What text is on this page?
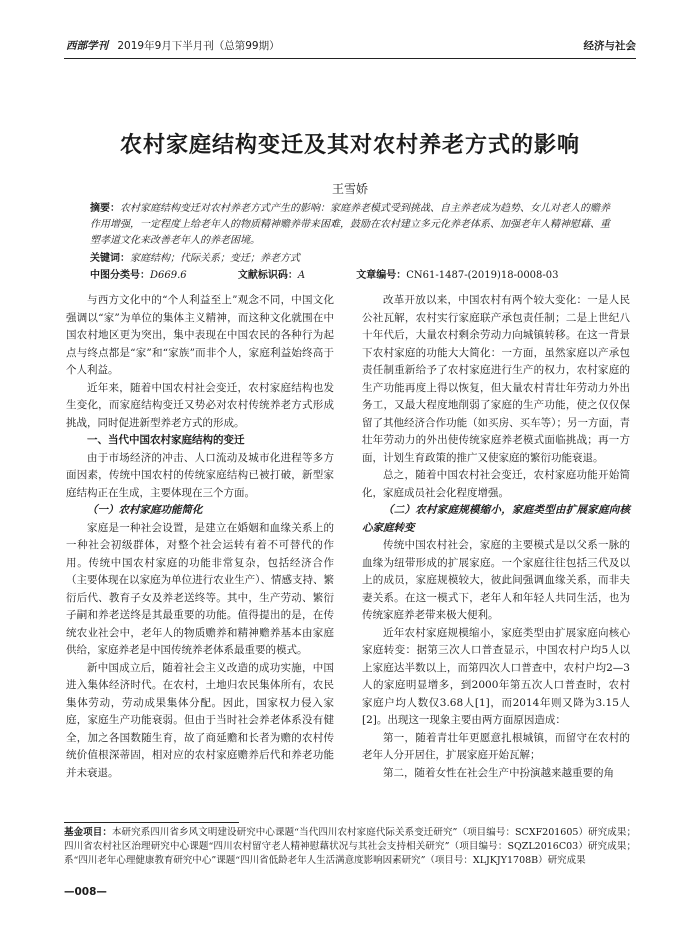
西部学刊 2019年9月下半月刊（总第99期）	经济与社会
农村家庭结构变迁及其对农村养老方式的影响
王雪娇
摘要：农村家庭结构变迁对农村养老方式产生的影响：家庭养老模式受到挑战、自主养老成为趋势、女儿对老人的赡养作用增强，一定程度上给老年人的物质精神赡养带来困难，鼓励在农村建立多元化养老体系、加强老年人精神慰藉、重塑孝道文化来改善老年人的养老困境。
关键词：家庭结构；代际关系；变迁；养老方式
中图分类号：D669.6	文献标识码：A	文章编号：CN61-1487-(2019)18-0008-03

与西方文化中的“个人利益至上”观念不同，中国文化强调以“家”为单位的集体主义精神，而这种文化就围在中国农村地区更为突出，集中表现在中国农民的各种行为起点与终点都是“家”和“家族”而非个人，家庭利益始终高于个人利益。

近年来，随着中国农村社会变迁，农村家庭结构也发生变化，而家庭结构变迁又势必对农村传统养老方式形成挑战，同时促进新型养老方式的形成。

一、当代中国农村家庭结构的变迁

由于市场经济的冲击、人口流动及城市化进程等多方面因素，传统中国农村的传统家庭结构已被打破，新型家庭结构正在生成，主要体现在三个方面。

（一）农村家庭功能简化

家庭是一种社会设置，是建立在婚姻和血缘关系上的一种社会初级群体，对整个社会运转有着不可替代的作用。传统中国农村家庭的功能非常复杂，包括经济合作（主要体现在以家庭为单位进行农业生产）、情感支持、繁衍后代、教育子女及养老送终等。其中，生产劳动、繁衍子嗣和养老送终是其最重要的功能。值得提出的是，在传统农业社会中，老年人的物质赡养和精神赡养基本由家庭供给，家庭养老是中国传统养老体系最重要的模式。

新中国成立后，随着社会主义改造的成功实施，中国进入集体经济时代。在农村，土地归农民集体所有，农民集体劳动，劳动成果集体分配。因此，国家权力侵入家庭，家庭生产功能衰弱。但由于当时社会养老体系没有健全，加之各国数随生育，故了商延赡和长者为赡的农村传统价值根深蒂固，相对应的农村家庭赡养后代和养老功能并未衰退。

改革开放以来，中国农村有两个较大变化：一是人民公社瓦解，农村实行家庭联产承包责任制；二是上世纪八十年代后，大量农村剩余劳动力向城镇转移。在这一背景下农村家庭的功能大大简化：一方面，虽然家庭以产承包责任制重新给予了农村家庭进行生产的权力，农村家庭的生产功能再度上得以恢复，但大量农村青壮年劳动力外出务工，又最大程度地削弱了家庭的生产功能，使之仅仅保留了其他经济合作功能（如买房、买车等）；另一方面，青壮年劳动力的外出使传统家庭养老模式面临挑战；再一方面，计划生育政策的推广又使家庭的繁衍功能衰退。

总之，随着中国农村社会变迁，农村家庭功能开始简化，家庭成员社会化程度增强。

（二）农村家庭规模缩小，家庭类型由扩展家庭向核心家庭转变

传统中国农村社会，家庭的主要模式是以父系一脉的血缘为纽带形成的扩展家庭。一个家庭往往包括三代及以上的成员，家庭规模较大，彼此间强调血缘关系，而非夫妻关系。在这一模式下，老年人和年轻人共同生活，也为传统家庭养老带来极大便利。

近年农村家庭规模缩小，家庭类型由扩展家庭向核心家庭转变：据第三次人口普查显示，中国农村户均5人以上家庭达半数以上，而第四次人口普查中，农村户均2—3人的家庭明显增多，到2000年第五次人口普查时，农村家庭户均人数仅3.68人[1]，而2014年则又降为3.15人[2]。出现这一现象主要由两方面原因造成：

第一，随着青壮年更愿意扎根城镇，而留守在农村的老年人分开居住，扩展家庭开始瓦解；

第二，随着女性在社会生产中扮演越来越重要的角

基金项目：本研究系四川省乡风文明建设研究中心课题“当代四川农村家庭代际关系变迁研究”（项目编号：SCXF201605）研究成果；四川省农村社区治理研究中心课题“四川农村留守老人精神慰藉状况与其社会支持相关研究”（项目编号：SQZL2016C03）研究成果；系“四川老年心理健康教育研究中心”课题“四川省低龄老年人生活满意度影响因素研究”（项目号：XLJKJY1708B）研究成果
—008—
